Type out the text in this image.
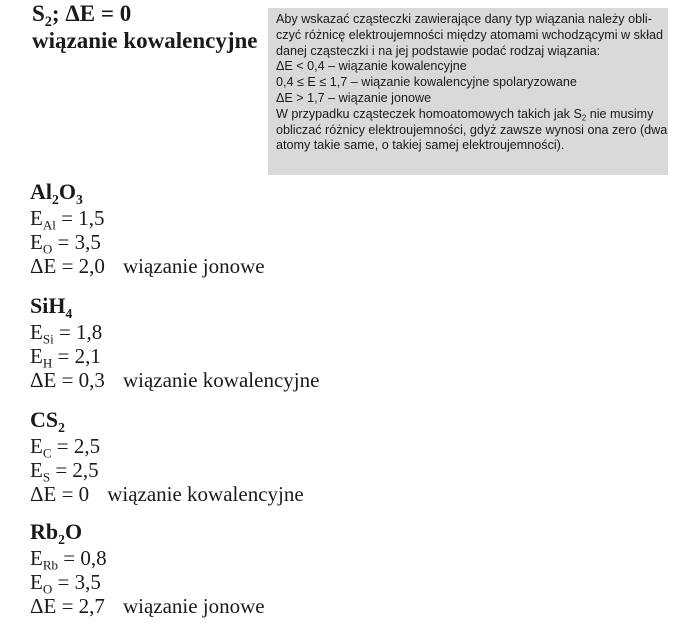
$S_2$; ΔE = 0
wiązanie kowalencyjne
Aby wskazać cząsteczki zawierające dany typ wiązania należy obli-
czyć różnicę elektroujemności między atomami wchodzącymi w skład
danej cząsteczki i na jej podstawie podać rodzaj wiązania:
ΔE < 0,4 – wiązanie kowalencyjne
0,4 ≤ E ≤ 1,7 – wiązanie kowalencyjne spolaryzowane
ΔE > 1,7 – wiązanie jonowe
W przypadku cząsteczek homoatomowych takich jak $S_2$ nie musimy
obliczać różnicy elektroujemności, gdyż zawsze wynosi ona zero (dwa
atomy takie same, o takiej samej elektroujemności).
$Al_2O_3$
$E_{Al} = 1,5$
$E_O = 3,5$
ΔE = 2,0 wiązanie jonowe
SiH$_4$
$E_{Si} = 1,8$
$E_H = 2,1$
ΔE = 0,3 wiązanie kowalencyjne
$CS_2$
$E_C = 2,5$
$E_S = 2,5$
ΔE = 0 wiązanie kowalencyjne
$Rb_2O$
$E_{Rb} = 0,8$
$E_O = 3,5$
ΔE = 2,7 wiązanie jonowe
